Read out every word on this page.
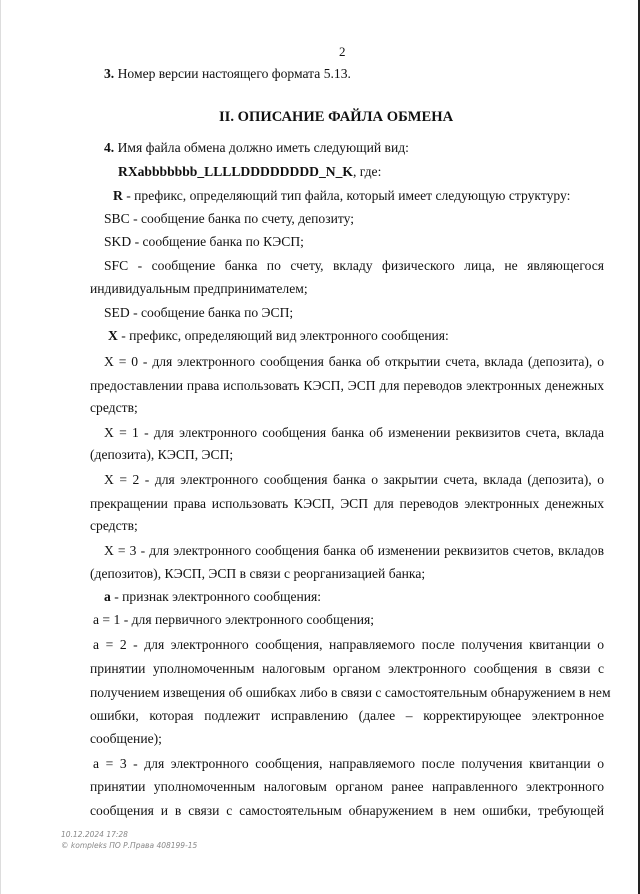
2
3. Номер версии настоящего формата 5.13.
II. ОПИСАНИЕ ФАЙЛА ОБМЕНА
4. Имя файла обмена должно иметь следующий вид:
RXabbbbbbb_LLLLDDDDDDDD_N_K, где:
R - префикс, определяющий тип файла, который имеет следующую структуру:
SBC - сообщение банка по счету, депозиту;
SKD - сообщение банка по КЭСП;
SFC - сообщение банка по счету, вкладу физического лица, не являющегося
индивидуальным предпринимателем;
SED - сообщение банка по ЭСП;
X - префикс, определяющий вид электронного сообщения:
X = 0 - для электронного сообщения банка об открытии счета, вклада (депозита), о
предоставлении права использовать КЭСП, ЭСП для переводов электронных денежных
средств;
X = 1 - для электронного сообщения банка об изменении реквизитов счета, вклада
(депозита), КЭСП, ЭСП;
X = 2 - для электронного сообщения банка о закрытии счета, вклада (депозита), о
прекращении права использовать КЭСП, ЭСП для переводов электронных денежных
средств;
X = 3 - для электронного сообщения банка об изменении реквизитов счетов, вкладов
(депозитов), КЭСП, ЭСП в связи с реорганизацией банка;
а - признак электронного сообщения:
а = 1 - для первичного электронного сообщения;
а = 2 - для электронного сообщения, направляемого после получения квитанции о
принятии уполномоченным налоговым органом электронного сообщения в связи с
получением извещения об ошибках либо в связи с самостоятельным обнаружением в нем
ошибки, которая подлежит исправлению (далее – корректирующее электронное
сообщение);
а = 3 - для электронного сообщения, направляемого после получения квитанции о
принятии уполномоченным налоговым органом ранее направленного электронного
сообщения и в связи с самостоятельным обнаружением в нем ошибки, требующей
10.12.2024 17:28
© kompleks ПО Р.Права 408199-15
